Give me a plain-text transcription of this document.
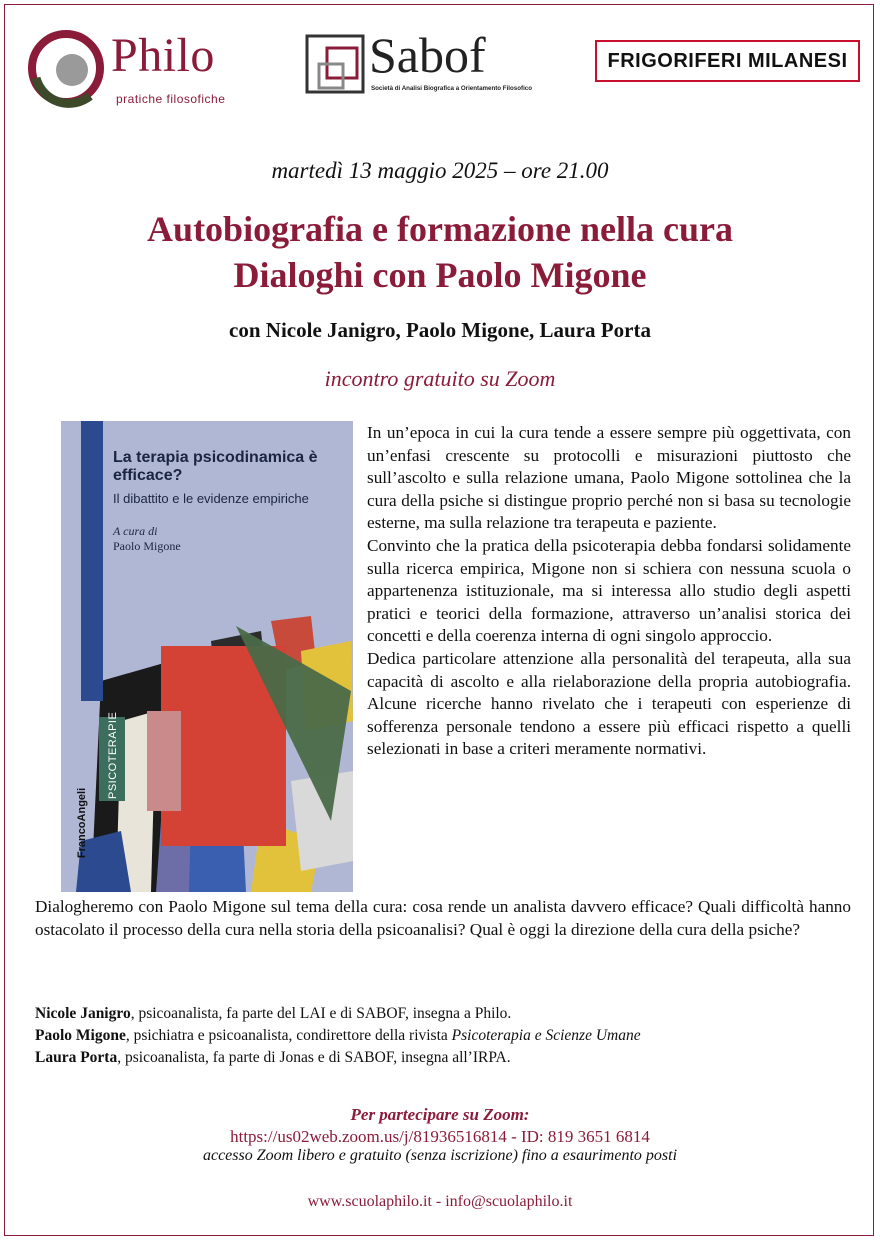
Philo
pratiche filosofiche
Sabof
Società di Analisi Biografica a Orientamento Filosofico
FRIGORIFERI MILANESI
martedì 13 maggio 2025 – ore 21.00
Autobiografia e formazione nella cura
Dialoghi con Paolo Migone
con Nicole Janigro, Paolo Migone, Laura Porta
incontro gratuito su Zoom
La terapia psicodinamica è efficace?
Il dibattito e le evidenze empiriche
A cura di
Paolo Migone
PSICOTERAPIE
FrancoAngeli

In un’epoca in cui la cura tende a essere sempre più oggettivata, con un’enfasi crescente su protocolli e misurazioni piuttosto che sull’ascolto e sulla relazione umana, Paolo Migone sottolinea che la cura della psiche si distingue proprio perché non si basa su tecnologie esterne, ma sulla relazione tra terapeuta e paziente.

Convinto che la pratica della psicoterapia debba fondarsi solidamente sulla ricerca empirica, Migone non si schiera con nessuna scuola o appartenenza istituzionale, ma si interessa allo studio degli aspetti pratici e teorici della formazione, attraverso un’analisi storica dei concetti e della coerenza interna di ogni singolo approccio.

Dedica particolare attenzione alla personalità del terapeuta, alla sua capacità di ascolto e alla rielaborazione della propria autobiografia. Alcune ricerche hanno rivelato che i terapeuti con esperienze di sofferenza personale tendono a essere più efficaci rispetto a quelli selezionati in base a criteri meramente normativi.

Dialogheremo con Paolo Migone sul tema della cura: cosa rende un analista davvero efficace? Quali difficoltà hanno ostacolato il processo della cura nella storia della psicoanalisi? Qual è oggi la direzione della cura della psiche?

Nicole Janigro, psicoanalista, fa parte del LAI e di SABOF, insegna a Philo.
Paolo Migone, psichiatra e psicoanalista, condirettore della rivista Psicoterapia e Scienze Umane
Laura Porta, psicoanalista, fa parte di Jonas e di SABOF, insegna all’IRPA.
Per partecipare su Zoom:
https://us02web.zoom.us/j/81936516814 - ID: 819 3651 6814
accesso Zoom libero e gratuito (senza iscrizione) fino a esaurimento posti
www.scuolaphilo.it - info@scuolaphilo.it
